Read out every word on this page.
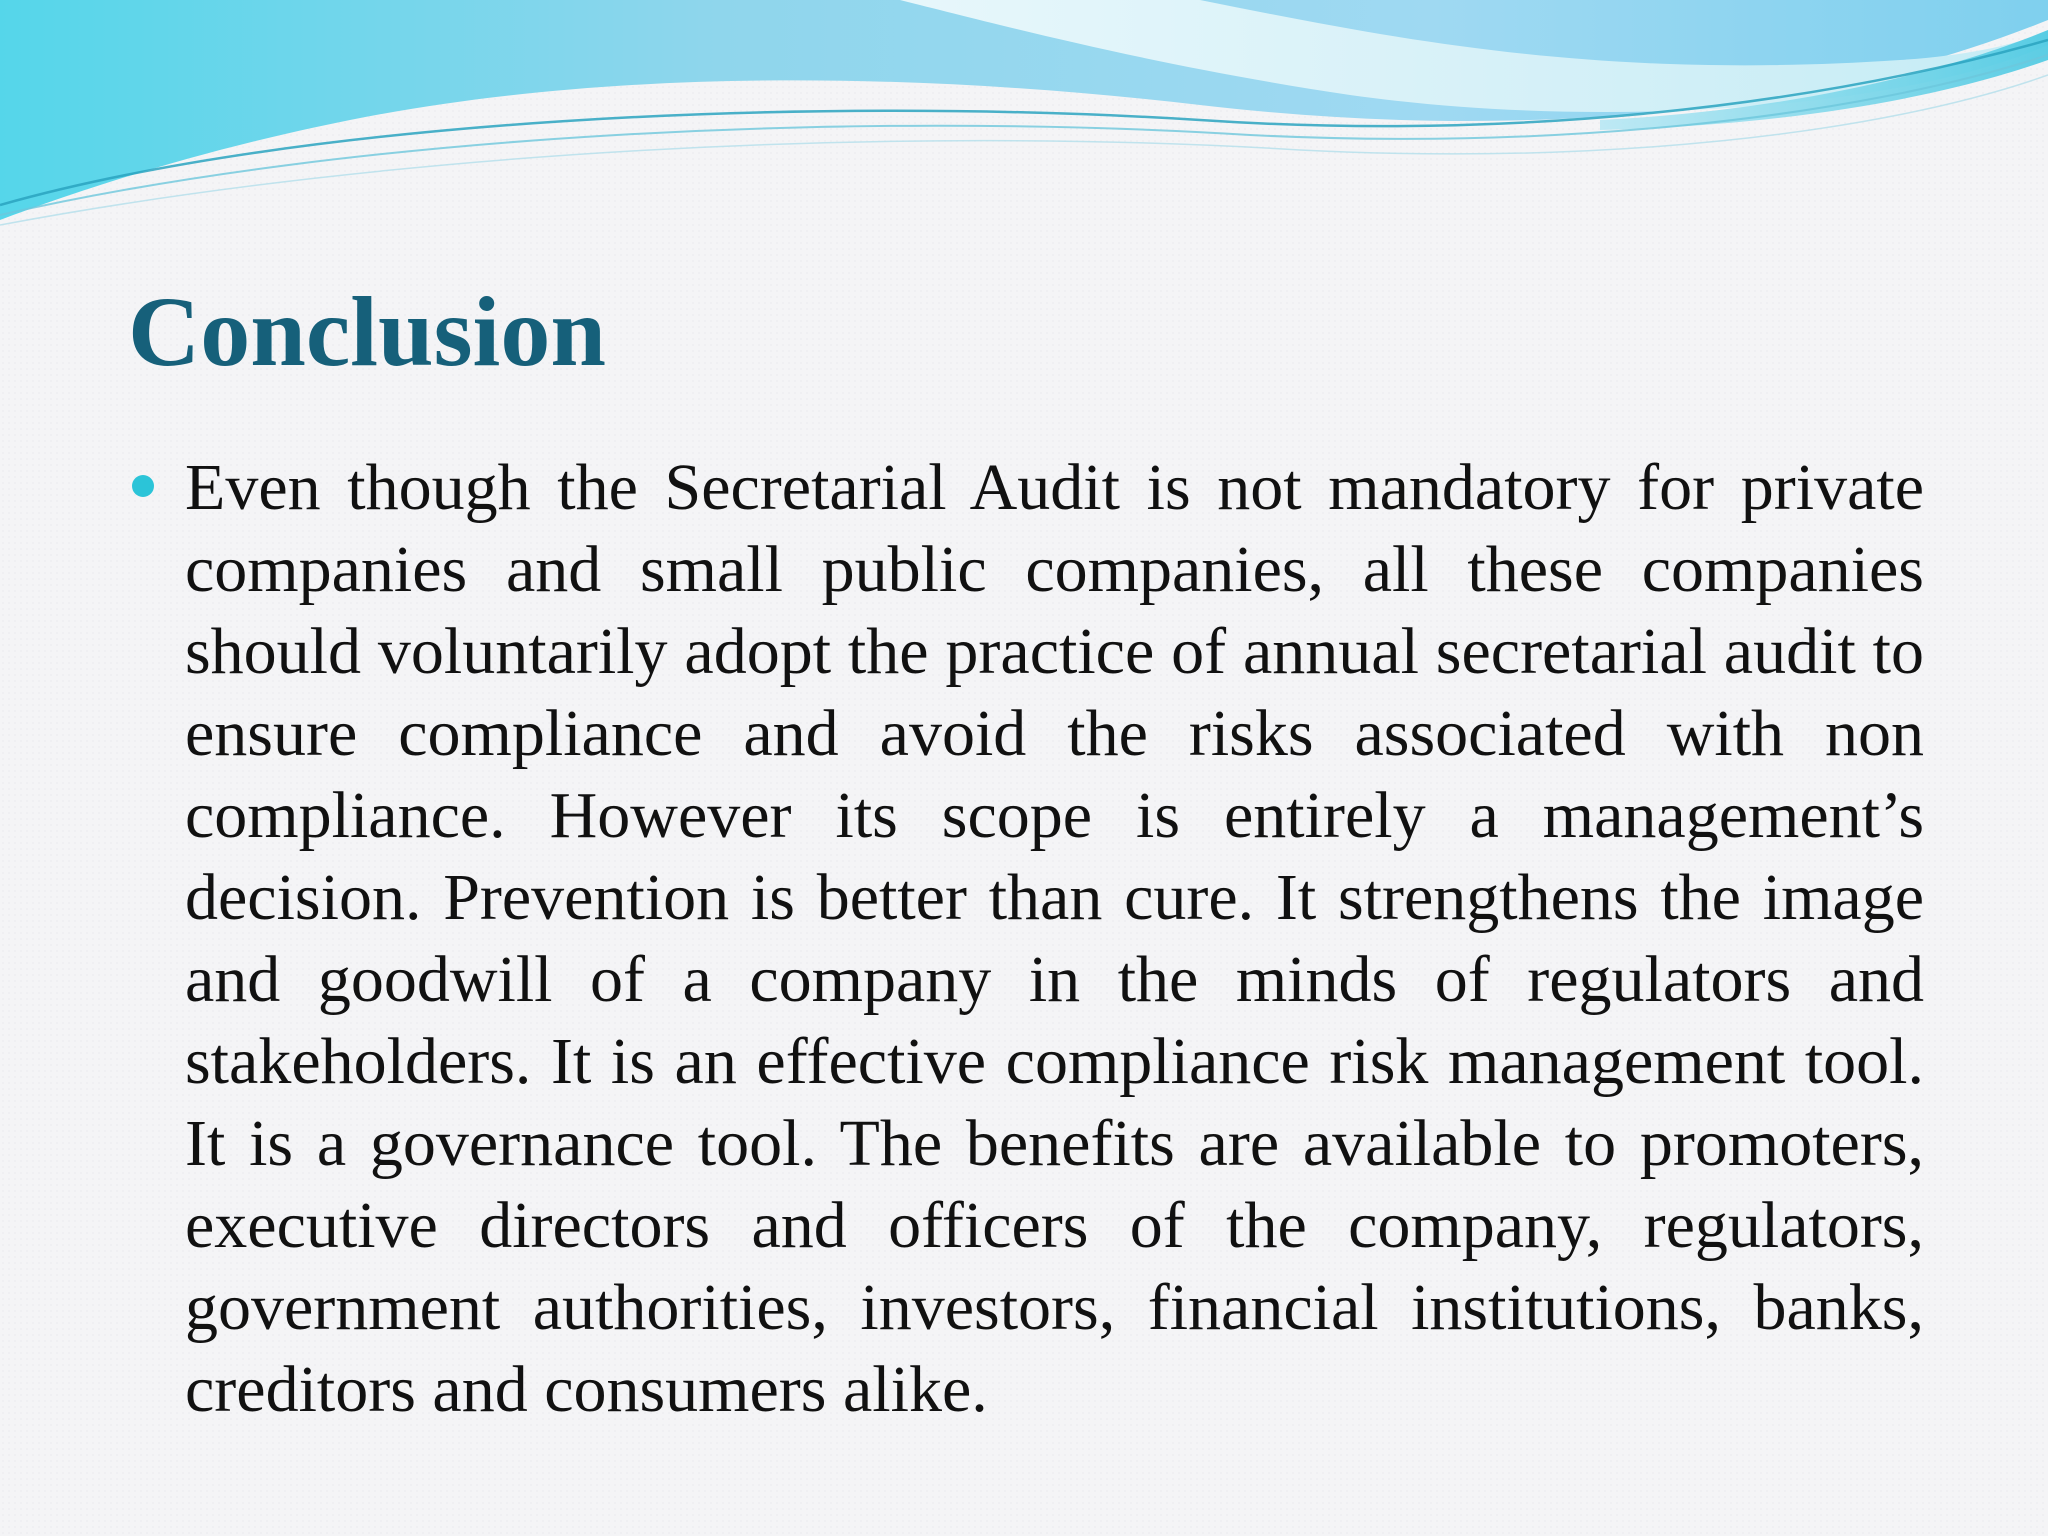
Conclusion

Even though the Secretarial Audit is not mandatory for private companies and small public companies, all these companies should voluntarily adopt the practice of annual secretarial audit to ensure compliance and avoid the risks associated with non compliance. However its scope is entirely a management’s decision. Prevention is better than cure. It strengthens the image and goodwill of a company in the minds of regulators and stakeholders. It is an effective compliance risk management tool. It is a governance tool. The benefits are available to promoters, executive directors and officers of the company, regulators, government authorities, investors, financial institutions, banks, creditors and consumers alike.
